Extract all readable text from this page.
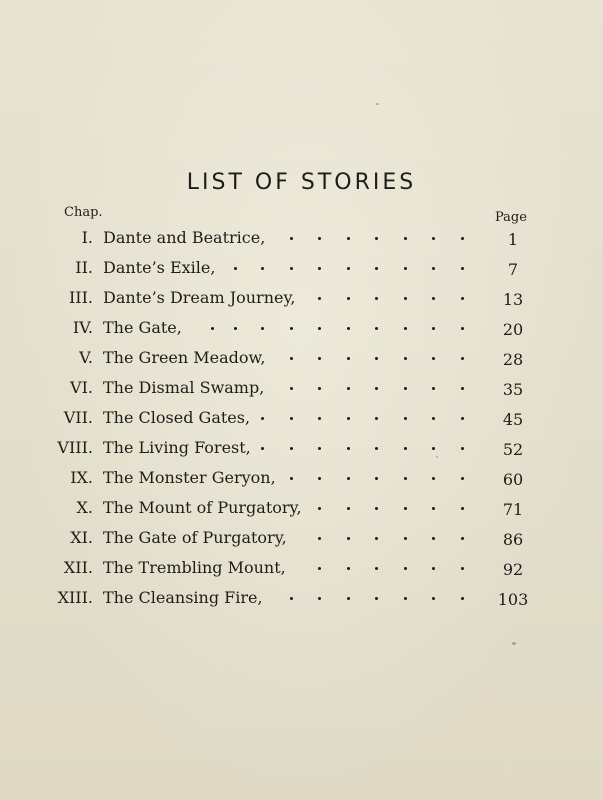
LIST OF STORIES
Chap.	Page
I. Dante and Beatrice,	1
II. Dante’s Exile,	7
III. Dante’s Dream Journey,	13
IV. The Gate,	20
V. The Green Meadow,	28
VI. The Dismal Swamp,	35
VII. The Closed Gates,	45
VIII. The Living Forest,	52
IX. The Monster Geryon,	60
X. The Mount of Purgatory,	71
XI. The Gate of Purgatory,	86
XII. The Trembling Mount,	92
XIII. The Cleansing Fire,	103
